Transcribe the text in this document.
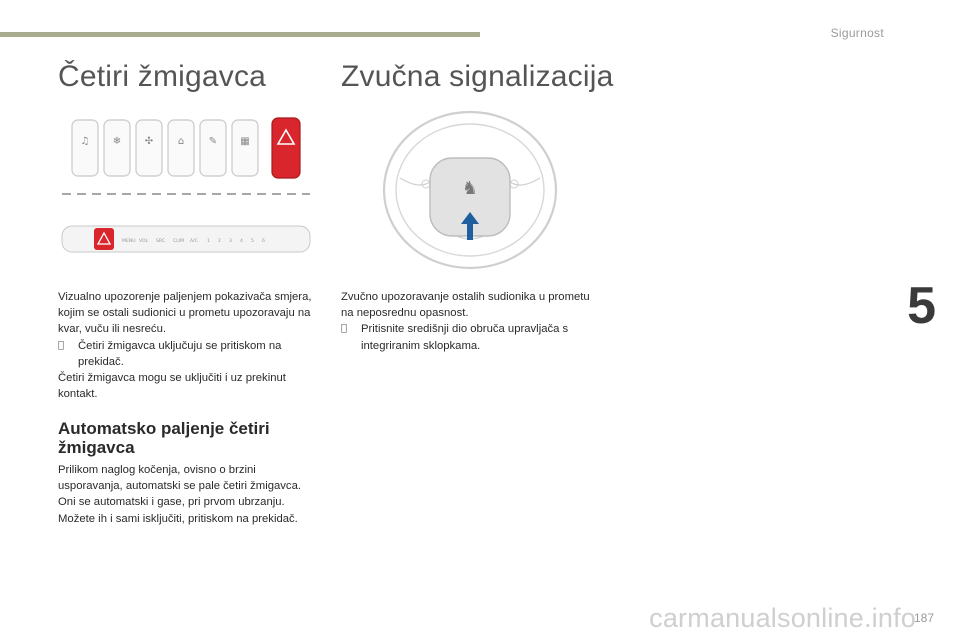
Sigurnost
5
Četiri žmigavca Zvučna signalizacija
♫ ❄ ✣ ⌂ ✎ ▦
MENU VOL SRC CLIM A/C 1 2 3 4 5 6
♞

Vizualno upozorenje paljenjem pokazivača smjera, kojim se ostali sudionici u prometu upozoravaju na kvar, vuču ili nesreću.

Četiri žmigavca uključuju se pritiskom na prekidač.

Četiri žmigavca mogu se uključiti i uz prekinut kontakt.

Automatsko paljenje četiri žmigavca

Prilikom naglog kočenja, ovisno o brzini usporavanja, automatski se pale četiri žmigavca. Oni se automatski i gase, pri prvom ubrzanju.

Možete ih i sami isključiti, pritiskom na prekidač.

Zvučno upozoravanje ostalih sudionika u prometu na neposrednu opasnost.

Pritisnite središnji dio obruča upravljača s integriranim sklopkama.
carmanualsonline.info
187
